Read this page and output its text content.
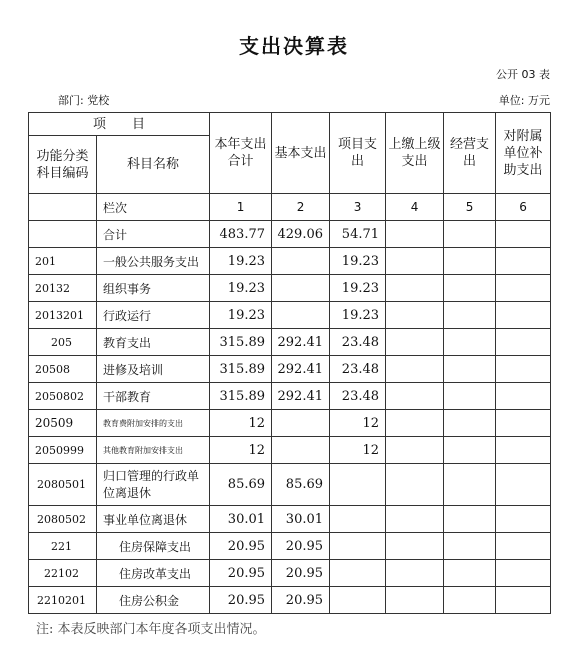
支出决算表
公开 03 表
部门: 党校	单位: 万元
项　　目		本年支出合计	基本支出	项目支出	上缴上级支出	经营支出	对附属单位补助支出
功能分类科目编码	科目名称						
	栏次	1	2	3	4	5	6
	合计	483.77	429.06	54.71			
201	一般公共服务支出	19.23		19.23			
20132	组织事务	19.23		19.23			
2013201	行政运行	19.23		19.23			
205	教育支出	315.89	292.41	23.48			
20508	进修及培训	315.89	292.41	23.48			
2050802	干部教育	315.89	292.41	23.48			
20509	教育费附加安排的支出	12		12			
2050999	其他教育附加安排支出	12		12			
2080501	归口管理的行政单位离退休	85.69	85.69				
2080502	事业单位离退休	30.01	30.01				
221	住房保障支出	20.95	20.95				
22102	住房改革支出	20.95	20.95				
2210201	住房公积金	20.95	20.95				
注: 本表反映部门本年度各项支出情况。
